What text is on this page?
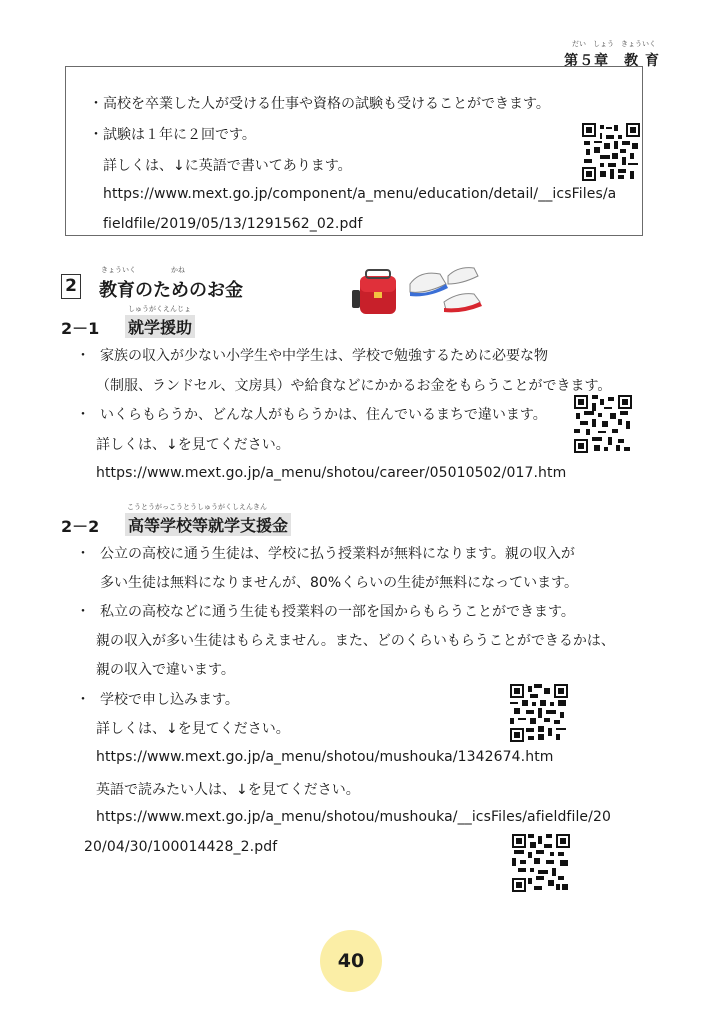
だい　しょう　きょういく
第５章　教 育
・ 高校を卒業した人が受ける仕事や資格の試験も受けることができます。
・ 試験は１年に２回です。
詳しくは、↓に英語で書いてあります。
https://www.mext.go.jp/component/a_menu/education/detail/__icsFiles/a
fieldfile/2019/05/13/1291562_02.pdf
2
きょういく　　　　　かね
教育のためのお金
2－1
しゅうがくえんじょ
就学援助
・ 家族の収入が少ない小学生や中学生は、学校で勉強するために必要な物
（制服、ランドセル、文房具）や給食などにかかるお金をもらうことができます。
・ いくらもらうか、どんな人がもらうかは、住んでいるまちで違います。
詳しくは、↓を見てください。
https://www.mext.go.jp/a_menu/shotou/career/05010502/017.htm
2－2
こうとうがっこうとうしゅうがくしえんきん
高等学校等就学支援金
・ 公立の高校に通う生徒は、学校に払う授業料が無料になります。親の収入が
多い生徒は無料になりませんが、80%くらいの生徒が無料になっています。
・ 私立の高校などに通う生徒も授業料の一部を国からもらうことができます。
親の収入が多い生徒はもらえません。また、どのくらいもらうことができるかは、
親の収入で違います。
・ 学校で申し込みます。
詳しくは、↓を見てください。
https://www.mext.go.jp/a_menu/shotou/mushouka/1342674.htm
英語で読みたい人は、↓を見てください。
https://www.mext.go.jp/a_menu/shotou/mushouka/__icsFiles/afieldfile/20
20/04/30/100014428_2.pdf
40
